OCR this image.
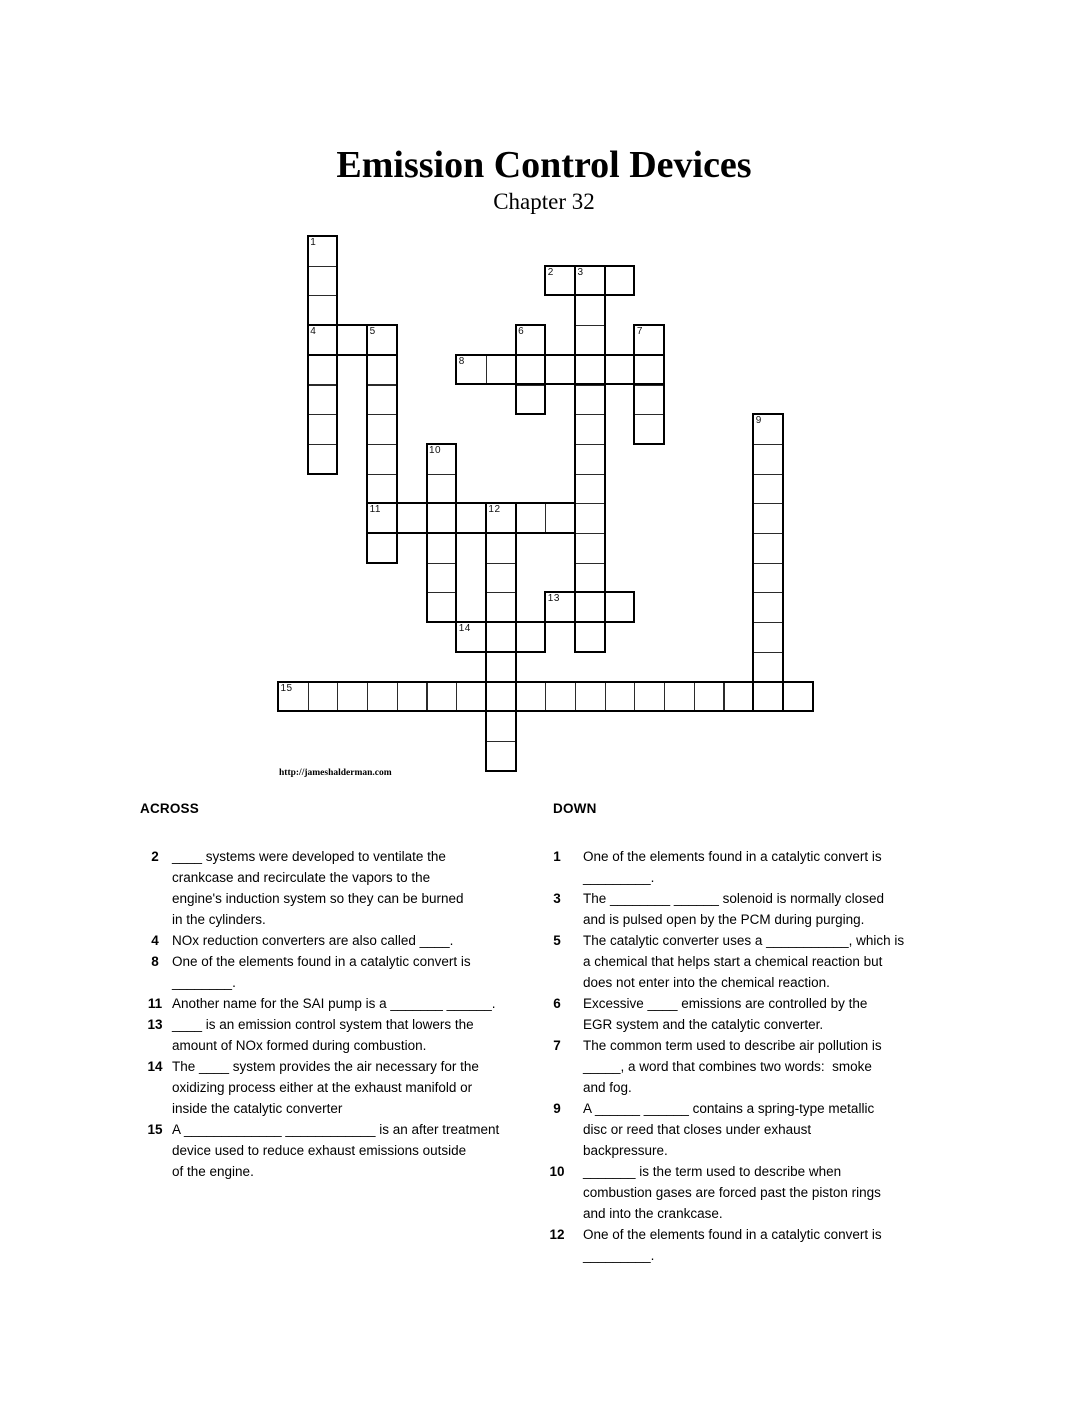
Emission Control Devices
Chapter 32
1
2 3
4	5	6	7
8
9
10
11	12
13
14
15
http://jameshalderman.com
ACROSS	DOWN
2 ____ systems were developed to ventilate the
crankcase and recirculate the vapors to the
engine's induction system so they can be burned
in the cylinders.
4 NOx reduction converters are also called ____.
8 One of the elements found in a catalytic convert is
________.
11 Another name for the SAI pump is a _______ ______.
13 ____ is an emission control system that lowers the
amount of NOx formed during combustion.
14 The ____ system provides the air necessary for the
oxidizing process either at the exhaust manifold or
inside the catalytic converter
15 A _____________ ____________ is an after treatment
device used to reduce exhaust emissions outside
of the engine.
1	One of the elements found in a catalytic convert is
_________.
3	The ________ ______ solenoid is normally closed
and is pulsed open by the PCM during purging.
5	The catalytic converter uses a ___________, which is
a chemical that helps start a chemical reaction but
does not enter into the chemical reaction.
6	Excessive ____ emissions are controlled by the
EGR system and the catalytic converter.
7	The common term used to describe air pollution is
_____, a word that combines two words:  smoke
and fog.
9	A ______ ______ contains a spring-type metallic
disc or reed that closes under exhaust
backpressure.
10	_______ is the term used to describe when
combustion gases are forced past the piston rings
and into the crankcase.
12	One of the elements found in a catalytic convert is
_________.
